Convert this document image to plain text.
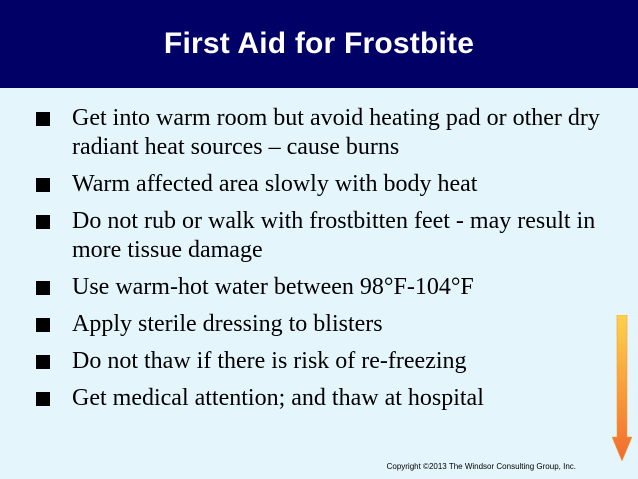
First Aid for Frostbite
Get into warm room but avoid heating pad or other dry radiant heat sources – cause burns
Warm affected area slowly with body heat
Do not rub or walk with frostbitten feet - may result in more tissue damage
Use warm-hot water between 98°F-104°F
Apply sterile dressing to blisters
Do not thaw if there is risk of re-freezing
Get medical attention; and thaw at hospital
Copyright ©2013 The Windsor Consulting Group, Inc.
